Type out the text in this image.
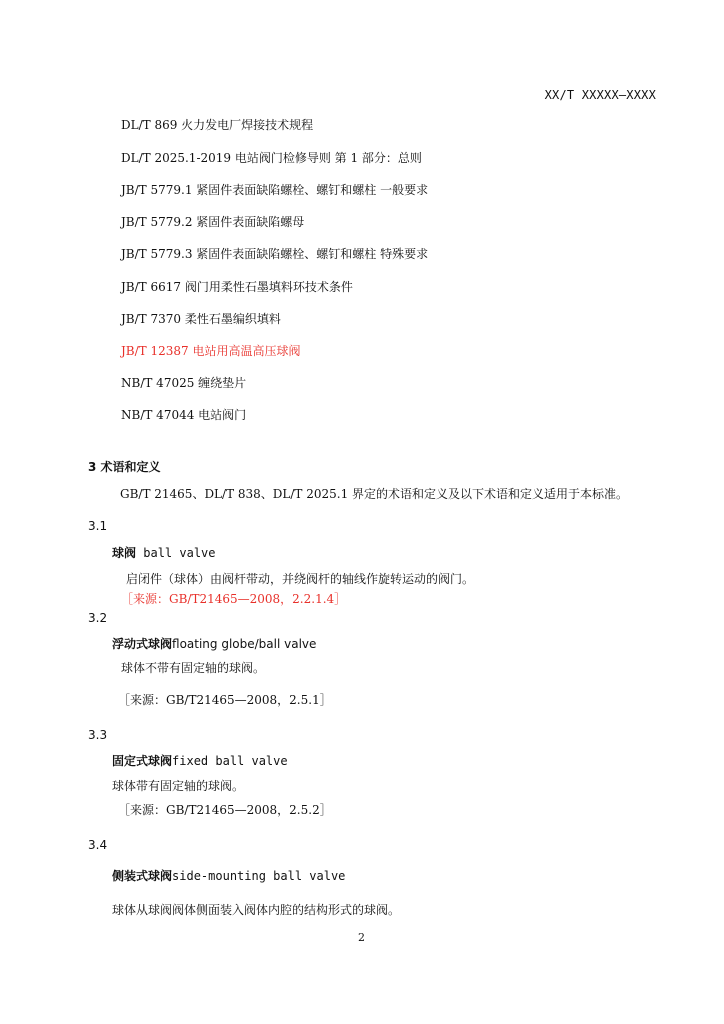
XX/T XXXXX—XXXX
DL/T 869 火力发电厂焊接技术规程
DL/T 2025.1-2019 电站阀门检修导则 第 1 部分：总则
JB/T 5779.1 紧固件表面缺陷螺栓、螺钉和螺柱 一般要求
JB/T 5779.2 紧固件表面缺陷螺母
JB/T 5779.3 紧固件表面缺陷螺栓、螺钉和螺柱 特殊要求
JB/T 6617 阀门用柔性石墨填料环技术条件
JB/T 7370 柔性石墨编织填料
JB/T 12387 电站用高温高压球阀
NB/T 47025 缠绕垫片
NB/T 47044 电站阀门
3 术语和定义
GB/T 21465、DL/T 838、DL/T 2025.1 界定的术语和定义及以下术语和定义适用于本标准。
3.1
球阀 ball valve
启闭件（球体）由阀杆带动，并绕阀杆的轴线作旋转运动的阀门。
［来源：GB/T21465—2008，2.2.1.4］
3.2
浮动式球阀floating globe/ball valve
球体不带有固定轴的球阀。
［来源：GB/T21465—2008，2.5.1］
3.3
固定式球阀fixed ball valve
球体带有固定轴的球阀。
［来源：GB/T21465—2008，2.5.2］
3.4
侧装式球阀side-mounting ball valve
球体从球阀阀体侧面装入阀体内腔的结构形式的球阀。
2
